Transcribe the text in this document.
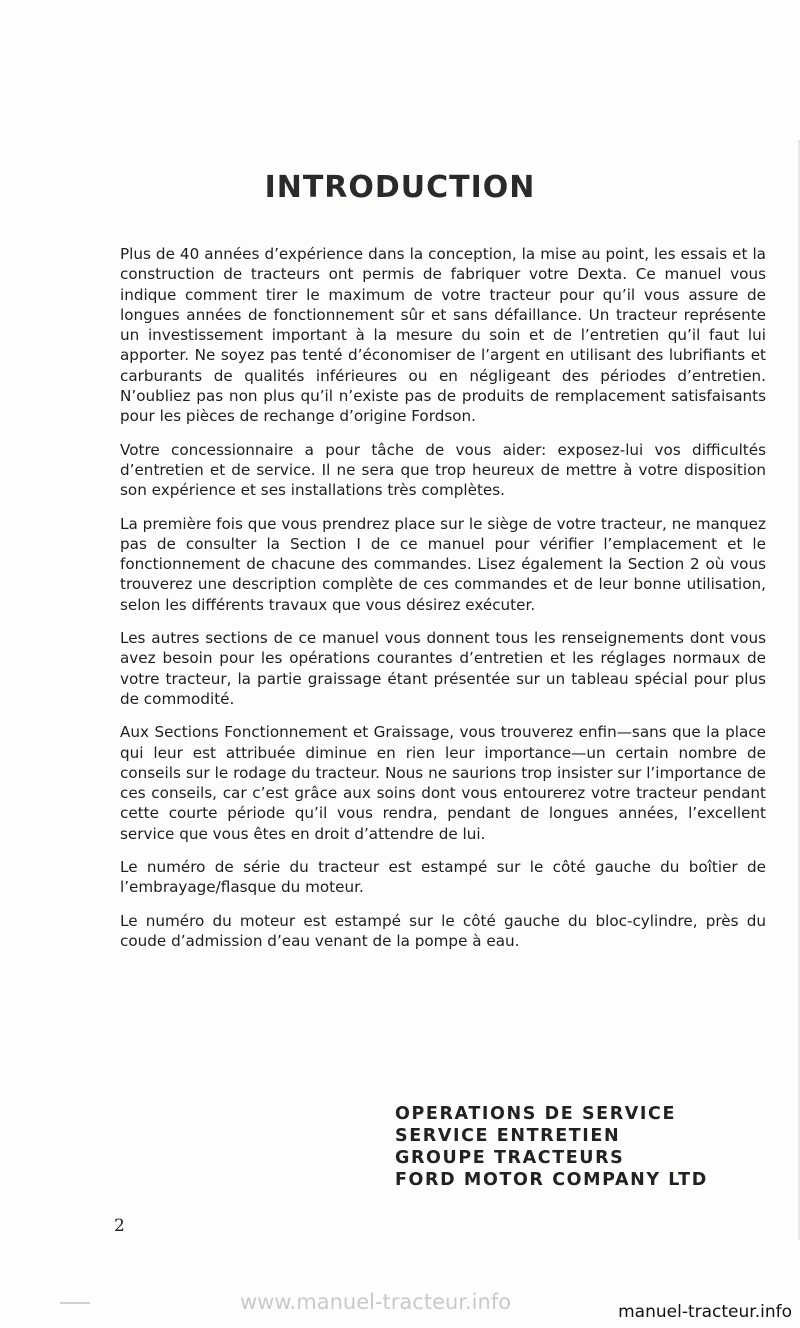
INTRODUCTION

Plus de 40 années d’expérience dans la conception, la mise au point, les essais et la construction de tracteurs ont permis de fabriquer votre Dexta. Ce manuel vous indique comment tirer le maximum de votre tracteur pour qu’il vous assure de longues années de fonctionnement sûr et sans défaillance. Un tracteur représente un investissement important à la mesure du soin et de l’entretien qu’il faut lui apporter. Ne soyez pas tenté d’économiser de l’argent en utilisant des lubrifiants et carburants de qualités inférieures ou en négligeant des périodes d’entretien. N’oubliez pas non plus qu’il n’existe pas de produits de remplacement satisfaisants pour les pièces de rechange d’origine Fordson.

Votre concessionnaire a pour tâche de vous aider: exposez-lui vos difficultés d’entretien et de service. Il ne sera que trop heureux de mettre à votre disposition son expérience et ses installations très complètes.

La première fois que vous prendrez place sur le siège de votre tracteur, ne manquez pas de consulter la Section I de ce manuel pour vérifier l’emplacement et le fonctionnement de chacune des commandes. Lisez également la Section 2 où vous trouverez une description complète de ces commandes et de leur bonne utilisation, selon les différents travaux que vous désirez exécuter.

Les autres sections de ce manuel vous donnent tous les renseignements dont vous avez besoin pour les opérations courantes d’entretien et les réglages normaux de votre tracteur, la partie graissage étant présentée sur un tableau spécial pour plus de commodité.

Aux Sections Fonctionnement et Graissage, vous trouverez enfin—sans que la place qui leur est attribuée diminue en rien leur importance—un certain nombre de conseils sur le rodage du tracteur. Nous ne saurions trop insister sur l’importance de ces conseils, car c’est grâce aux soins dont vous entourerez votre tracteur pendant cette courte période qu’il vous rendra, pendant de longues années, l’excellent service que vous êtes en droit d’attendre de lui.

Le numéro de série du tracteur est estampé sur le côté gauche du boîtier de l’embrayage/flasque du moteur.

Le numéro du moteur est estampé sur le côté gauche du bloc-cylindre, près du coude d’admission d’eau venant de la pompe à eau.

OPERATIONS DE SERVICE
SERVICE ENTRETIEN
GROUPE TRACTEURS
FORD MOTOR COMPANY LTD
2
www.manuel-tracteur.info	manuel-tracteur.info
